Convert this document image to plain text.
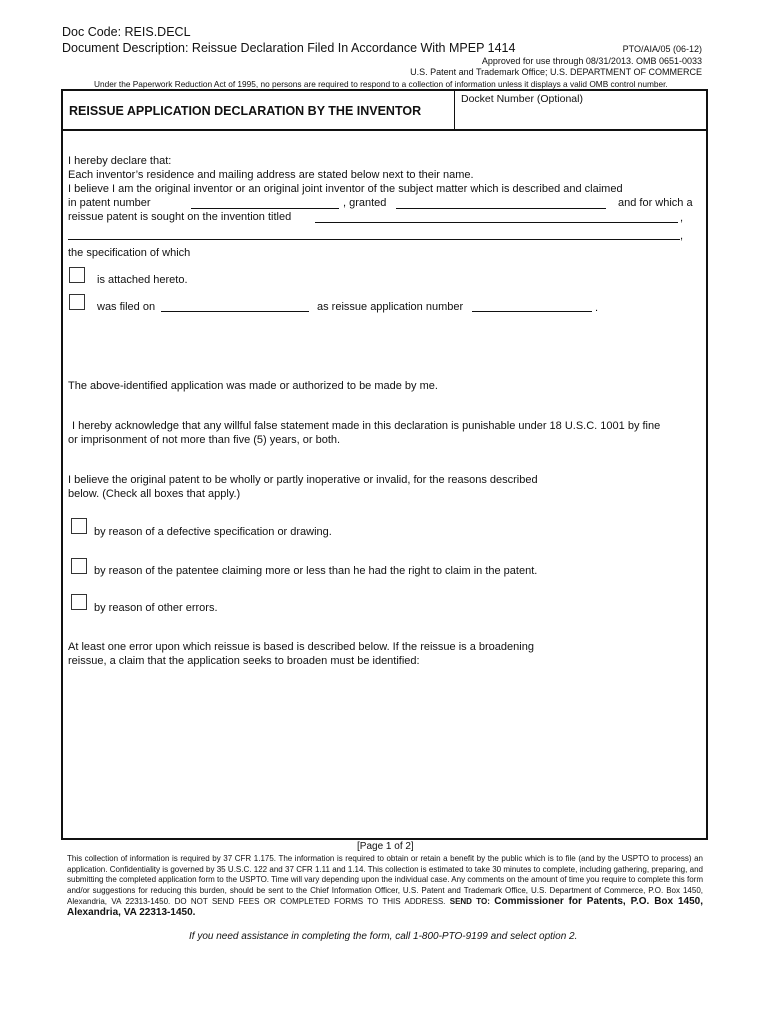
Doc Code: REIS.DECL
Document Description: Reissue Declaration Filed In Accordance With MPEP 1414	PTO/AIA/05 (06-12)
Approved for use through 08/31/2013. OMB 0651-0033
U.S. Patent and Trademark Office; U.S. DEPARTMENT OF COMMERCE
Under the Paperwork Reduction Act of 1995, no persons are required to respond to a collection of information unless it displays a valid OMB control number.
REISSUE APPLICATION DECLARATION BY THE INVENTOR
Docket Number (Optional)
I hereby declare that:
Each inventor’s residence and mailing address are stated below next to their name.
I believe I am the original inventor or an original joint inventor of the subject matter which is described and claimed
in patent number	, granted	and for which a
reissue patent is sought on the invention titled	,
,
the specification of which
is attached hereto.
was filed on	as reissue application number	.
The above-identified application was made or authorized to be made by me.
I hereby acknowledge that any willful false statement made in this declaration is punishable under 18 U.S.C. 1001 by fine
or imprisonment of not more than five (5) years, or both.
I believe the original patent to be wholly or partly inoperative or invalid, for the reasons described
below. (Check all boxes that apply.)
by reason of a defective specification or drawing.
by reason of the patentee claiming more or less than he had the right to claim in the patent.
by reason of other errors.
At least one error upon which reissue is based is described below. If the reissue is a broadening
reissue, a claim that the application seeks to broaden must be identified:
[Page 1 of 2]
This collection of information is required by 37 CFR 1.175. The information is required to obtain or retain a benefit by the public which is to file (and by the USPTO to process) an application. Confidentiality is governed by 35 U.S.C. 122 and 37 CFR 1.11 and 1.14. This collection is estimated to take 30 minutes to complete, including gathering, preparing, and submitting the completed application form to the USPTO. Time will vary depending upon the individual case. Any comments on the amount of time you require to complete this form and/or suggestions for reducing this burden, should be sent to the Chief Information Officer, U.S. Patent and Trademark Office, U.S. Department of Commerce, P.O. Box 1450, Alexandria, VA 22313-1450. DO NOT SEND FEES OR COMPLETED FORMS TO THIS ADDRESS. SEND TO: Commissioner for Patents, P.O. Box 1450, Alexandria, VA 22313-1450.
If you need assistance in completing the form, call 1-800-PTO-9199 and select option 2.
